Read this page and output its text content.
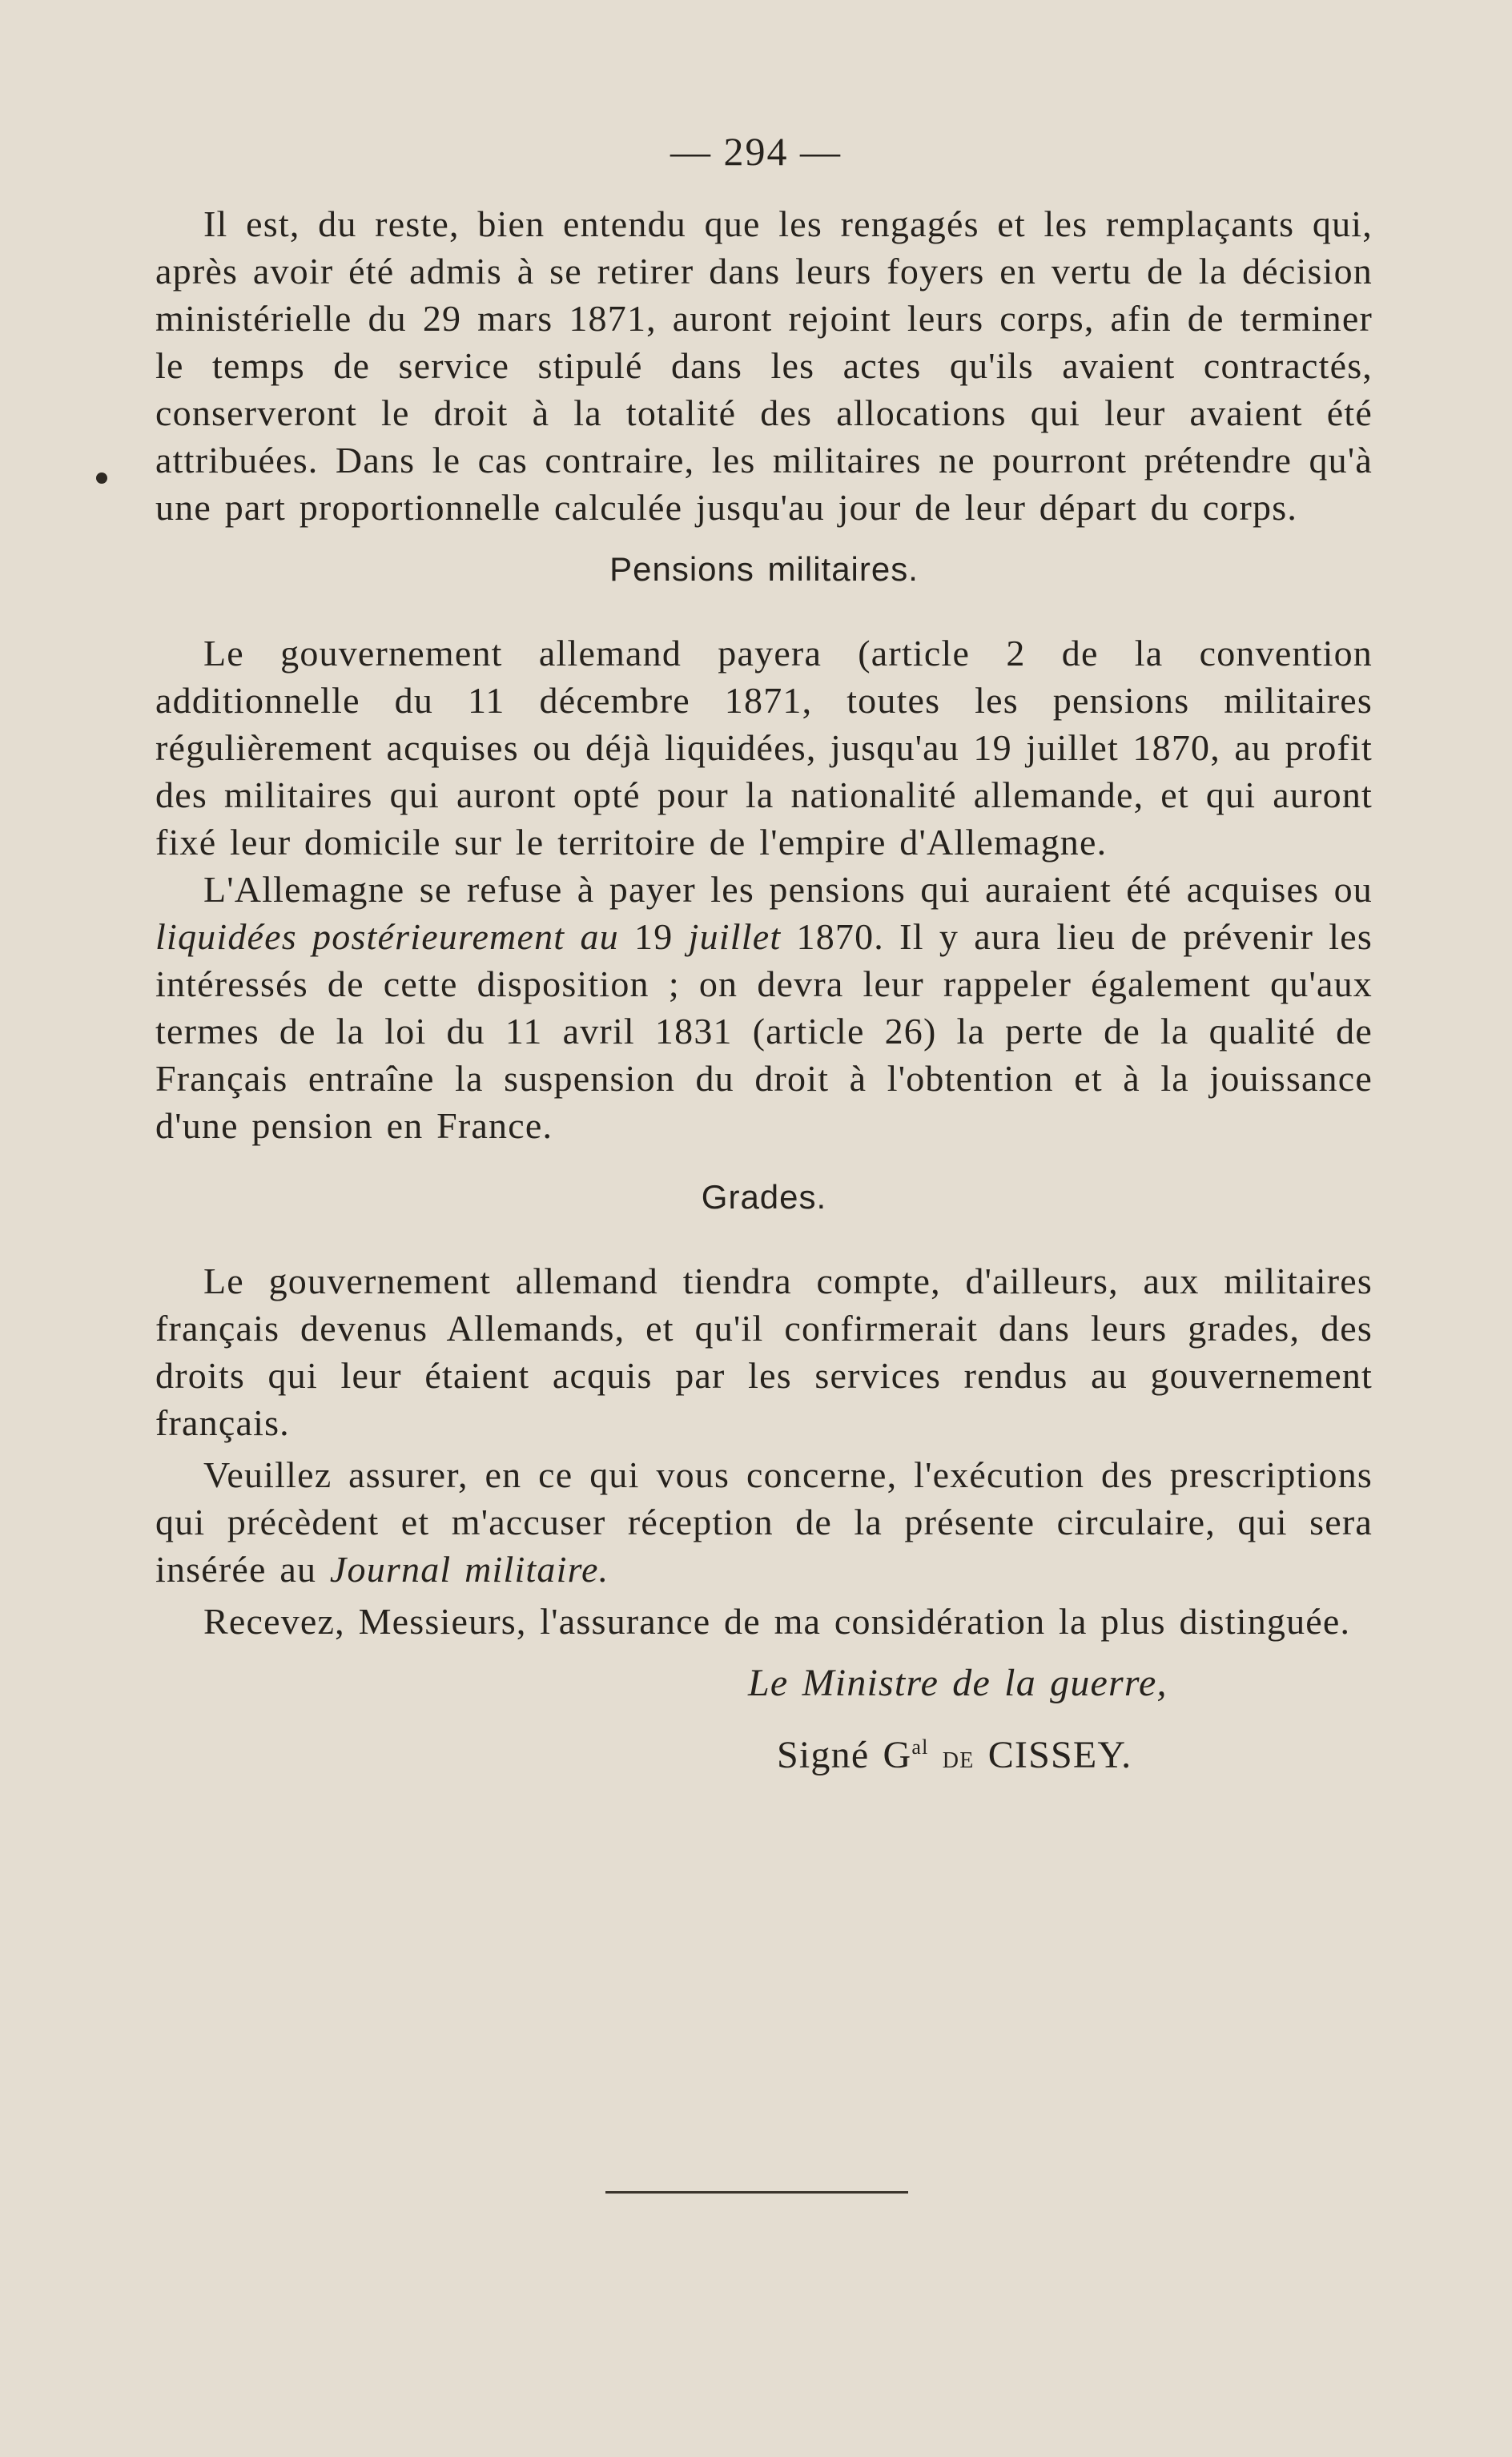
— 294 —

Il est, du reste, bien entendu que les rengagés et les remplaçants qui, après avoir été admis à se retirer dans leurs foyers en vertu de la décision ministérielle du 29 mars 1871, auront rejoint leurs corps, afin de terminer le temps de service stipulé dans les actes qu'ils avaient contractés, conserveront le droit à la totalité des allocations qui leur avaient été attribuées. Dans le cas contraire, les militaires ne pourront prétendre qu'à une part proportionnelle calculée jusqu'au jour de leur départ du corps.

Pensions militaires.

Le gouvernement allemand payera (article 2 de la convention additionnelle du 11 décembre 1871, toutes les pensions militaires régulièrement acquises ou déjà liquidées, jusqu'au 19 juillet 1870, au profit des militaires qui auront opté pour la nationalité allemande, et qui auront fixé leur domicile sur le territoire de l'empire d'Allemagne.

L'Allemagne se refuse à payer les pensions qui auraient été acquises ou liquidées postérieurement au 19 juillet 1870. Il y aura lieu de prévenir les intéressés de cette disposition ; on devra leur rappeler également qu'aux termes de la loi du 11 avril 1831 (article 26) la perte de la qualité de Français entraîne la suspension du droit à l'obtention et à la jouissance d'une pension en France.

Grades.

Le gouvernement allemand tiendra compte, d'ailleurs, aux militaires français devenus Allemands, et qu'il confirmerait dans leurs grades, des droits qui leur étaient acquis par les services rendus au gouvernement français.

Veuillez assurer, en ce qui vous concerne, l'exécution des prescriptions qui précèdent et m'accuser réception de la présente circulaire, qui sera insérée au Journal militaire.

Recevez, Messieurs, l'assurance de ma considération la plus distinguée.

Le Ministre de la guerre,

Signé $G^{al}$ de CISSEY.
